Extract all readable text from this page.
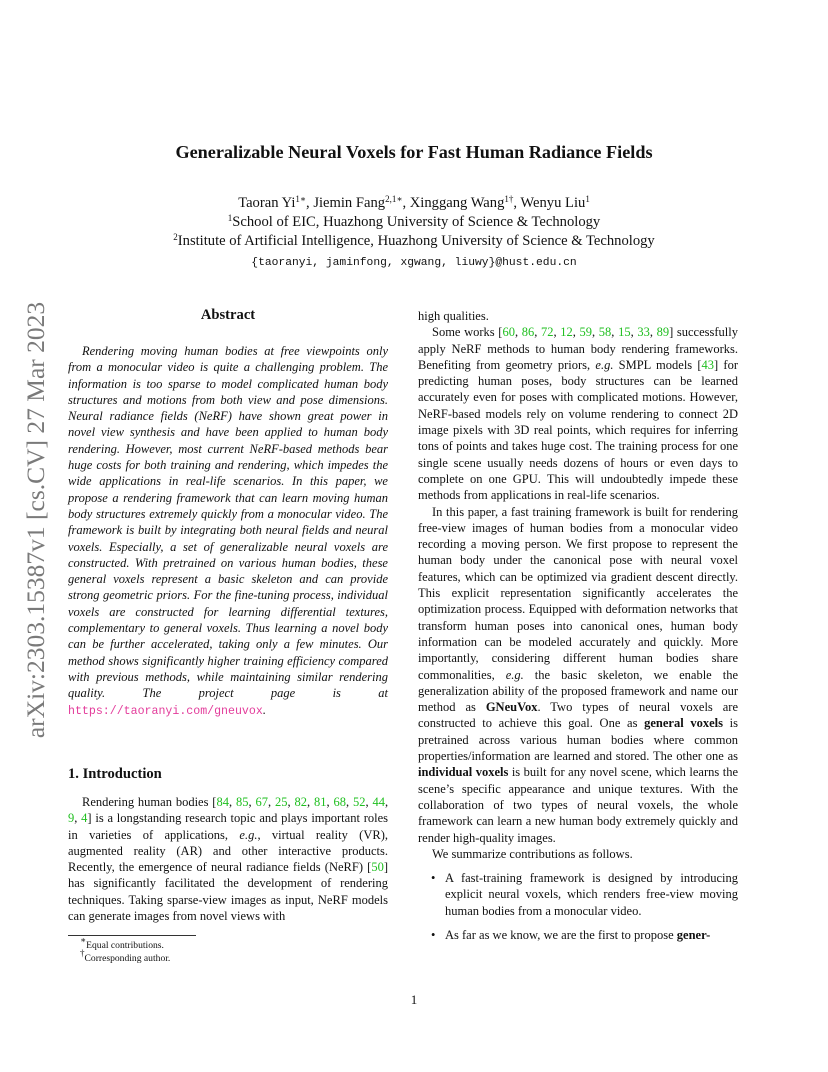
arXiv:2303.15387v1 [cs.CV] 27 Mar 2023
Generalizable Neural Voxels for Fast Human Radiance Fields
Taoran $Yi^{1∗}$, Jiemin Fang$^{2,1∗}$, Xinggang Wang$^{1\dagger}$, Wenyu Liu$^1$
$^1$School of EIC, Huazhong University of Science & Technology
$^2$Institute of Artificial Intelligence, Huazhong University of Science & Technology
{taoranyi, jaminfong, xgwang, liuwy}@hust.edu.cn
Abstract

Rendering moving human bodies at free viewpoints only from a monocular video is quite a challenging problem. The information is too sparse to model complicated human body structures and motions from both view and pose dimensions. Neural radiance fields (NeRF) have shown great power in novel view synthesis and have been applied to human body rendering. However, most current NeRF-based methods bear huge costs for both training and rendering, which impedes the wide applications in real-life scenarios. In this paper, we propose a rendering framework that can learn moving human body structures extremely quickly from a monocular video. The framework is built by integrating both neural fields and neural voxels. Especially, a set of generalizable neural voxels are constructed. With pretrained on various human bodies, these general voxels represent a basic skeleton and can provide strong geometric priors. For the fine-tuning process, individual voxels are constructed for learning differential textures, complementary to general voxels. Thus learning a novel body can be further accelerated, taking only a few minutes. Our method shows significantly higher training efficiency compared with previous methods, while maintaining similar rendering quality. The project page is at https://taoranyi.com/gneuvox.

1. Introduction

Rendering human bodies [84, 85, 67, 25, 82, 81, 68, 52, 44, 9, 4] is a longstanding research topic and plays important roles in varieties of applications, e.g., virtual reality (VR), augmented reality (AR) and other interactive products. Recently, the emergence of neural radiance fields (NeRF) [50] has significantly facilitated the development of rendering techniques. Taking sparse-view images as input, NeRF models can generate images from novel views with

∗Equal contributions.
†Corresponding author.

high qualities.

Some works [60, 86, 72, 12, 59, 58, 15, 33, 89] successfully apply NeRF methods to human body rendering frameworks. Benefiting from geometry priors, e.g. SMPL models [43] for predicting human poses, body structures can be learned accurately even for poses with complicated motions. However, NeRF-based models rely on volume rendering to connect 2D image pixels with 3D real points, which requires for inferring tons of points and takes huge cost. The training process for one single scene usually needs dozens of hours or even days to complete on one GPU. This will undoubtedly impede these methods from applications in real-life scenarios.

In this paper, a fast training framework is built for rendering free-view images of human bodies from a monocular video recording a moving person. We first propose to represent the human body under the canonical pose with neural voxel features, which can be optimized via gradient descent directly. This explicit representation significantly accelerates the optimization process. Equipped with deformation networks that transform human poses into canonical ones, human body information can be modeled accurately and quickly. More importantly, considering different human bodies share commonalities, e.g. the basic skeleton, we enable the generalization ability of the proposed framework and name our method as GNeuVox. Two types of neural voxels are constructed to achieve this goal. One as general voxels is pretrained across various human bodies where common properties/information are learned and stored. The other one as individual voxels is built for any novel scene, which learns the scene’s specific appearance and unique textures. With the collaboration of two types of neural voxels, the whole framework can learn a new human body extremely quickly and render high-quality images.

We summarize contributions as follows.

• A fast-training framework is designed by introducing explicit neural voxels, which renders free-view moving human bodies from a monocular video.
• As far as we know, we are the first to propose gener-
1
